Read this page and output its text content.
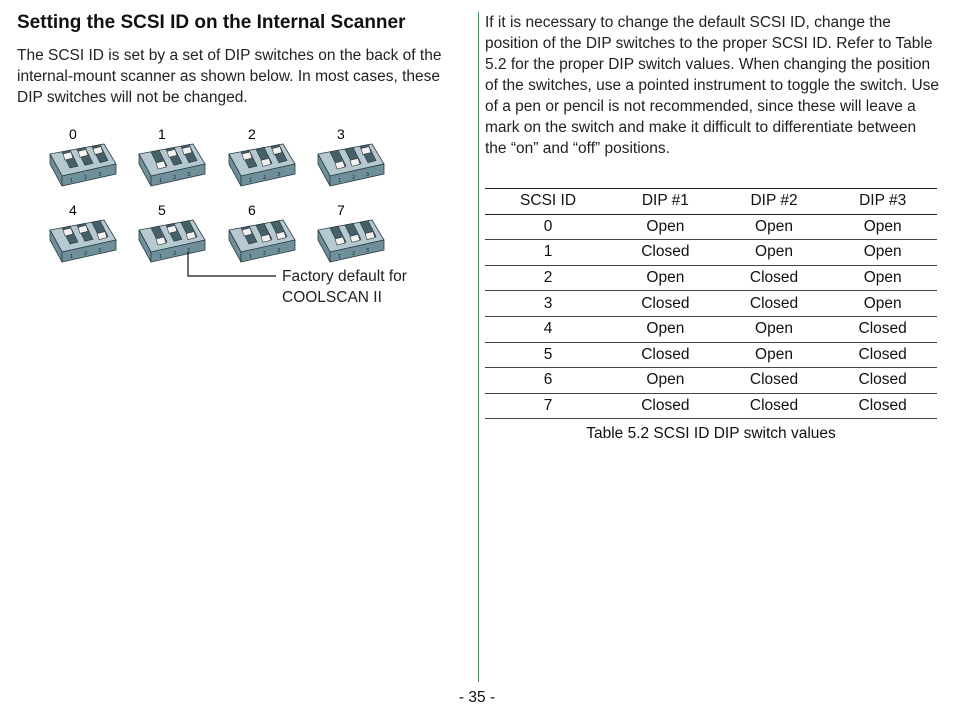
Setting the SCSI ID on the Internal Scanner

The SCSI ID is set by a set of DIP switches on the back of the internal-mount scanner as shown below. In most cases, these DIP switches will not be changed.

0
1 2 3
1
1 2 3
2
1 2 3
3
1 2 3
4
1 2 3
5
1 2 3
6
1 2 3
7
1 2 3
Factory default for COOLSCAN II

If it is necessary to change the default SCSI ID, change the position of the DIP switches to the proper SCSI ID. Refer to Table 5.2 for the proper DIP switch values. When changing the position of the switches, use a pointed instrument to toggle the switch. Use of a pen or pencil is not recommended, since these will leave a mark on the switch and make it difficult to differentiate between the “on” and “off” positions.

SCSI ID	DIP #1	DIP #2	DIP #3
0	Open	Open	Open
1	Closed	Open	Open
2	Open	Closed	Open
3	Closed	Closed	Open
4	Open	Open	Closed
5	Closed	Open	Closed
6	Open	Closed	Closed
7	Closed	Closed	Closed
Table 5.2 SCSI ID DIP switch values
- 35 -
